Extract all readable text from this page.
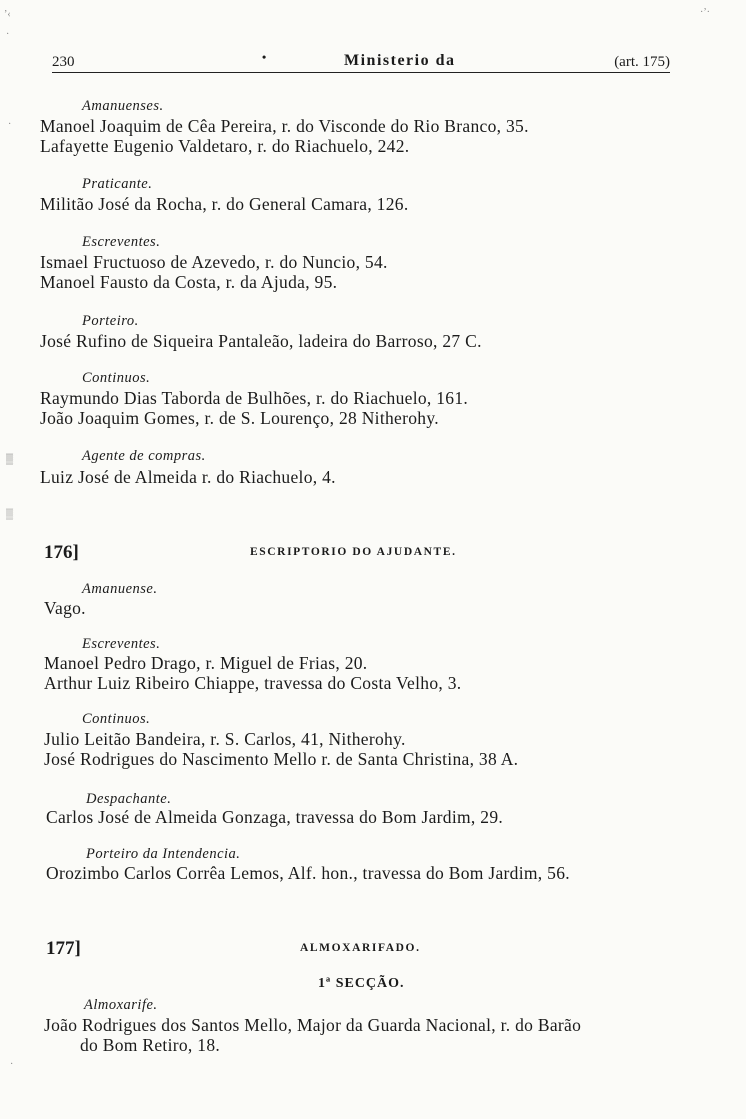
230	Ministerio da	(art. 175)
•
Amanuenses.
Manoel Joaquim de Cêa Pereira, r. do Visconde do Rio Branco, 35.
Lafayette Eugenio Valdetaro, r. do Riachuelo, 242.
Praticante.
Militão José da Rocha, r. do General Camara, 126.
Escreventes.
Ismael Fructuoso de Azevedo, r. do Nuncio, 54.
Manoel Fausto da Costa, r. da Ajuda, 95.
Porteiro.
José Rufino de Siqueira Pantaleão, ladeira do Barroso, 27 C.
Continuos.
Raymundo Dias Taborda de Bulhões, r. do Riachuelo, 161.
João Joaquim Gomes, r. de S. Lourenço, 28 Nitherohy.
Agente de compras.
Luiz José de Almeida r. do Riachuelo, 4.
176]	ESCRIPTORIO DO AJUDANTE.
Amanuense.
Vago.
Escreventes.
Manoel Pedro Drago, r. Miguel de Frias, 20.
Arthur Luiz Ribeiro Chiappe, travessa do Costa Velho, 3.
Continuos.
Julio Leitão Bandeira, r. S. Carlos, 41, Nitherohy.
José Rodrigues do Nascimento Mello r. de Santa Christina, 38 A.
Despachante.
Carlos José de Almeida Gonzaga, travessa do Bom Jardim, 29.
Porteiro da Intendencia.
Orozimbo Carlos Corrêa Lemos, Alf. hon., travessa do Bom Jardim, 56.
177]	ALMOXARIFADO.
1ª SECÇÃO.
Almoxarife.
João Rodrigues dos Santos Mello, Major da Guarda Nacional, r. do Barão
do Bom Retiro, 18.
ʼ‹
·
·
▒
▒
·
·ʼ·
